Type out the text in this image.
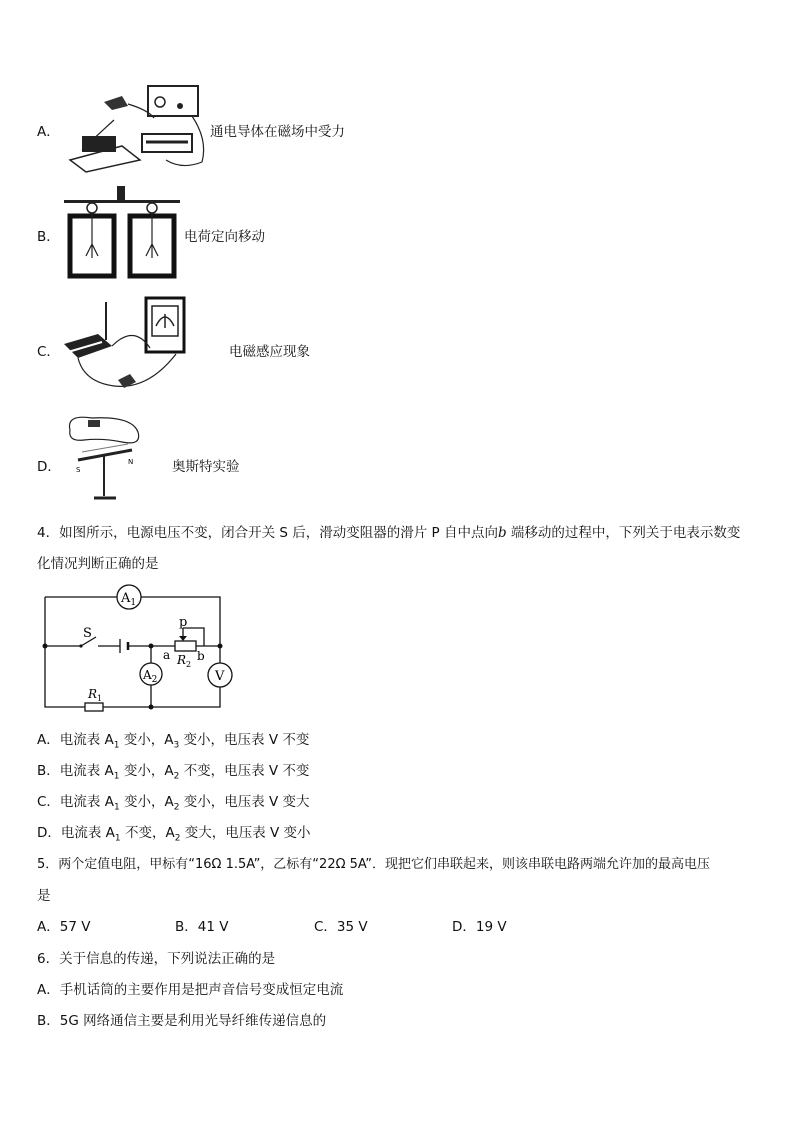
A．	通电导体在磁场中受力
B．	电荷定向移动
C．	电磁感应现象
D． S
N	奥斯特实验
4．如图所示，电源电压不变，闭合开关 S 后，滑动变阻器的滑片 P 自中点向b 端移动的过程中，下列关于电表示数变
化情况判断正确的是
$A_1$
$A_2$	V
S
p
a b
$R_2$
$R_1$
A．电流表 $A_1$ 变小，$A_3$ 变小，电压表 V 不变
B．电流表 $A_1$ 变小，$A_2$ 不变，电压表 V 不变
C．电流表 $A_1$ 变小，$A_2$ 变小，电压表 V 变大
D．电流表 $A_1$ 不变，$A_2$ 变大，电压表 V 变小
5．两个定值电阻，甲标有“16Ω 1.5A”，乙标有“22Ω 5A”．现把它们串联起来，则该串联电路两端允许加的最高电压
是
A．57 V	B．41 V	C．35 V	D．19 V
6．关于信息的传递，下列说法正确的是
A．手机话筒的主要作用是把声音信号变成恒定电流
B．5G 网络通信主要是利用光导纤维传递信息的
